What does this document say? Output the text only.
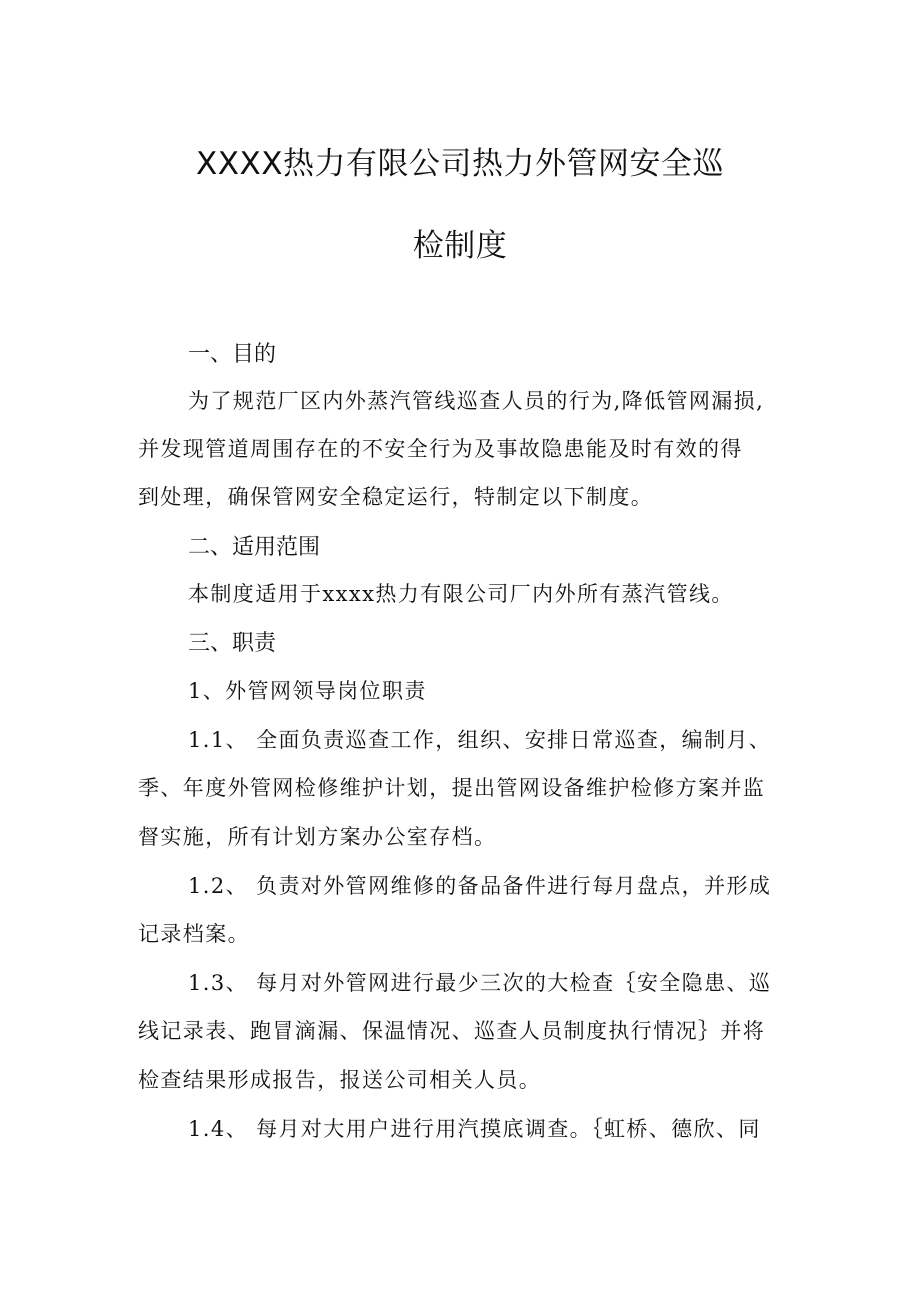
XXXX热力有限公司热力外管网安全巡
检制度
一、目的
为了规范厂区内外蒸汽管线巡查人员的行为,降低管网漏损,
并发现管道周围存在的不安全行为及事故隐患能及时有效的得
到处理，确保管网安全稳定运行，特制定以下制度。
二、适用范围
本制度适用于xxxx热力有限公司厂内外所有蒸汽管线。
三、职责
1、外管网领导岗位职责
1.1、 全面负责巡查工作，组织、安排日常巡查，编制月、
季、年度外管网检修维护计划，提出管网设备维护检修方案并监
督实施，所有计划方案办公室存档。
1.2、 负责对外管网维修的备品备件进行每月盘点，并形成
记录档案。
1.3、 每月对外管网进行最少三次的大检查｛安全隐患、巡
线记录表、跑冒滴漏、保温情况、巡查人员制度执行情况｝并将
检查结果形成报告，报送公司相关人员。
1.4、 每月对大用户进行用汽摸底调查。｛虹桥、德欣、同
